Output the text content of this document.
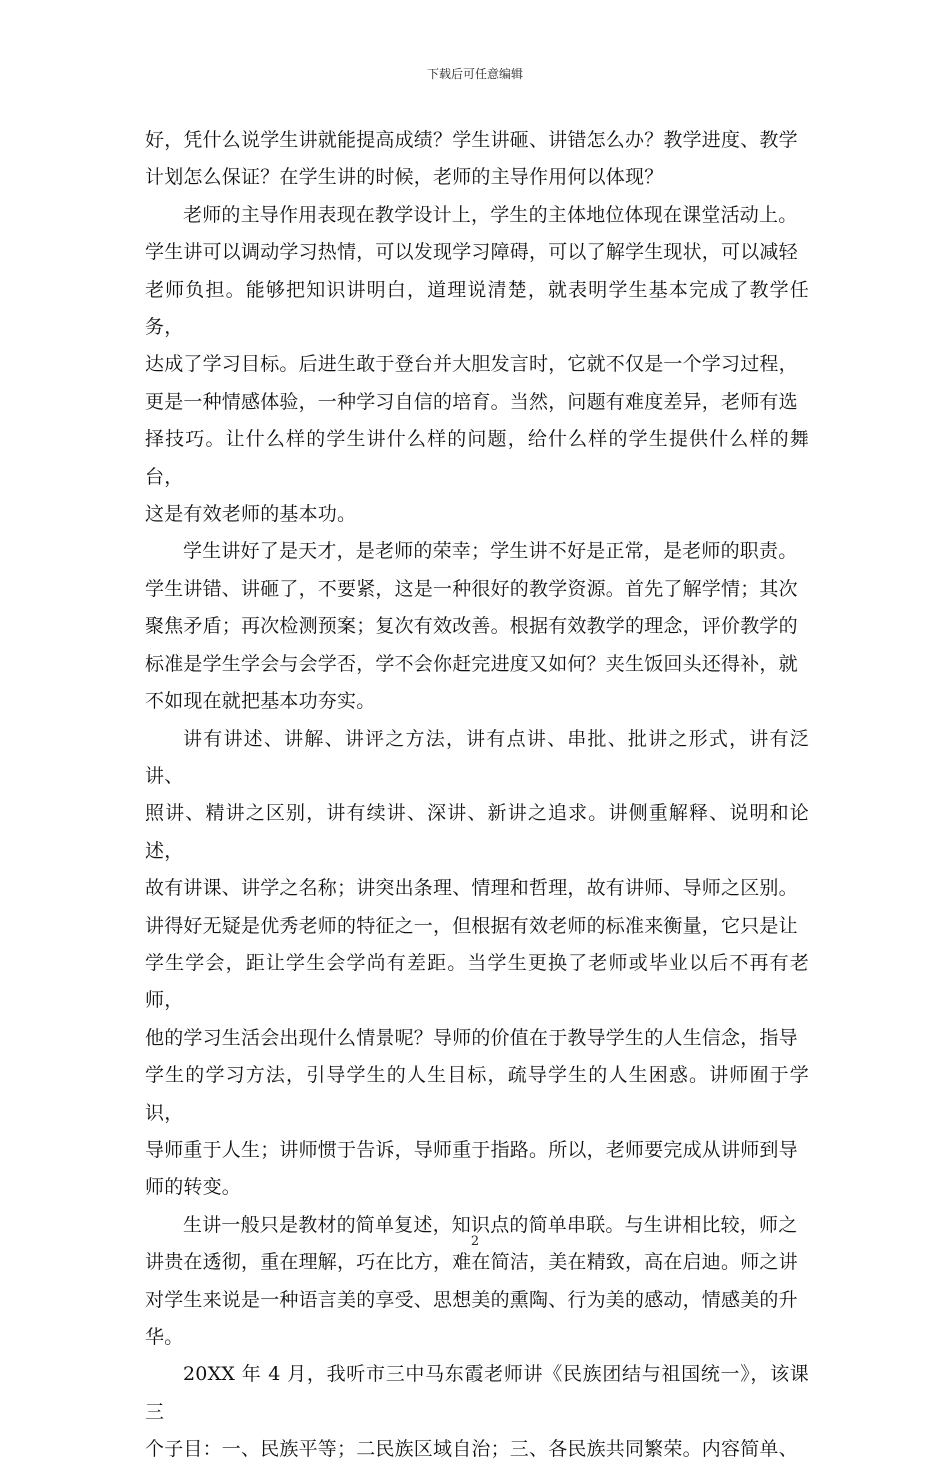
下载后可任意编辑

好，凭什么说学生讲就能提高成绩？学生讲砸、讲错怎么办？教学进度、教学
计划怎么保证？在学生讲的时候，老师的主导作用何以体现？

老师的主导作用表现在教学设计上，学生的主体地位体现在课堂活动上。
学生讲可以调动学习热情，可以发现学习障碍，可以了解学生现状，可以减轻
老师负担。能够把知识讲明白，道理说清楚，就表明学生基本完成了教学任务，
达成了学习目标。后进生敢于登台并大胆发言时，它就不仅是一个学习过程，
更是一种情感体验，一种学习自信的培育。当然，问题有难度差异，老师有选
择技巧。让什么样的学生讲什么样的问题，给什么样的学生提供什么样的舞台，
这是有效老师的基本功。

学生讲好了是天才，是老师的荣幸；学生讲不好是正常，是老师的职责。
学生讲错、讲砸了，不要紧，这是一种很好的教学资源。首先了解学情；其次
聚焦矛盾；再次检测预案；复次有效改善。根据有效教学的理念，评价教学的
标准是学生学会与会学否，学不会你赶完进度又如何？夹生饭回头还得补，就
不如现在就把基本功夯实。

讲有讲述、讲解、讲评之方法，讲有点讲、串批、批讲之形式，讲有泛讲、
照讲、精讲之区别，讲有续讲、深讲、新讲之追求。讲侧重解释、说明和论述，
故有讲课、讲学之名称；讲突出条理、情理和哲理，故有讲师、导师之区别。
讲得好无疑是优秀老师的特征之一，但根据有效老师的标准来衡量，它只是让
学生学会，距让学生会学尚有差距。当学生更换了老师或毕业以后不再有老师，
他的学习生活会出现什么情景呢？导师的价值在于教导学生的人生信念，指导
学生的学习方法，引导学生的人生目标，疏导学生的人生困惑。讲师囿于学识，
导师重于人生；讲师惯于告诉，导师重于指路。所以，老师要完成从讲师到导
师的转变。

生讲一般只是教材的简单复述，知识点的简单串联。与生讲相比较，师之
讲贵在透彻，重在理解，巧在比方，难在简洁，美在精致，高在启迪。师之讲
对学生来说是一种语言美的享受、思想美的熏陶、行为美的感动，情感美的升
华。

20XX 年 4 月，我听市三中马东霞老师讲《民族团结与祖国统一》，该课三
个子目：一、民族平等；二民族区域自治；三、各民族共同繁荣。内容简单、

2
